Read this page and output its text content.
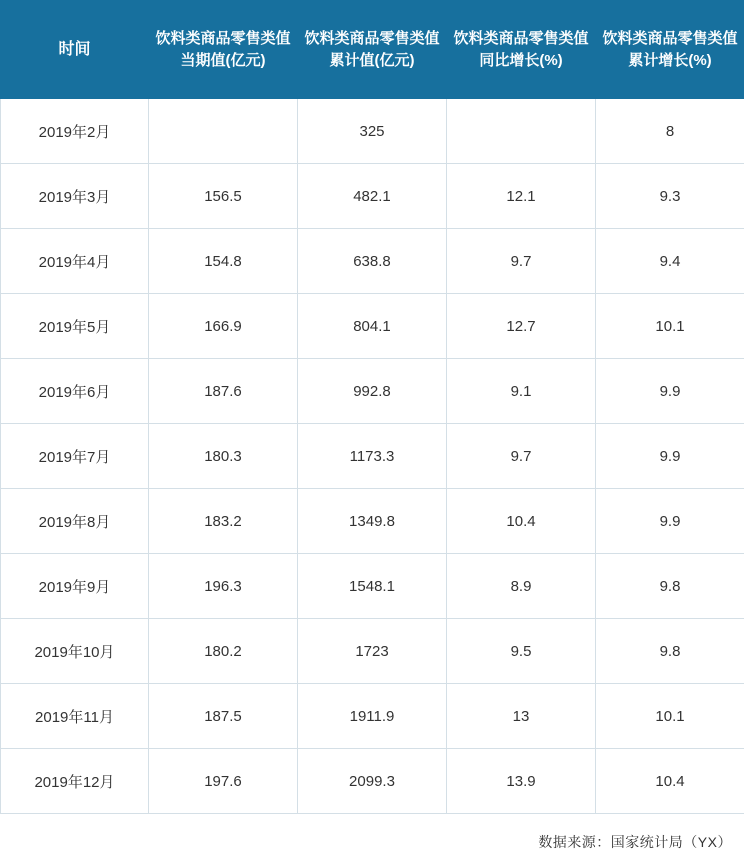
时间	饮料类商品零售类值当期值(亿元)	饮料类商品零售类值累计值(亿元)	饮料类商品零售类值同比增长(%)	饮料类商品零售类值累计增长(%)
2019年2月		325		8
2019年3月	156.5	482.1	12.1	9.3
2019年4月	154.8	638.8	9.7	9.4
2019年5月	166.9	804.1	12.7	10.1
2019年6月	187.6	992.8	9.1	9.9
2019年7月	180.3	1173.3	9.7	9.9
2019年8月	183.2	1349.8	10.4	9.9
2019年9月	196.3	1548.1	8.9	9.8
2019年10月	180.2	1723	9.5	9.8
2019年11月	187.5	1911.9	13	10.1
2019年12月	197.6	2099.3	13.9	10.4
数据来源：国家统计局（YX）
